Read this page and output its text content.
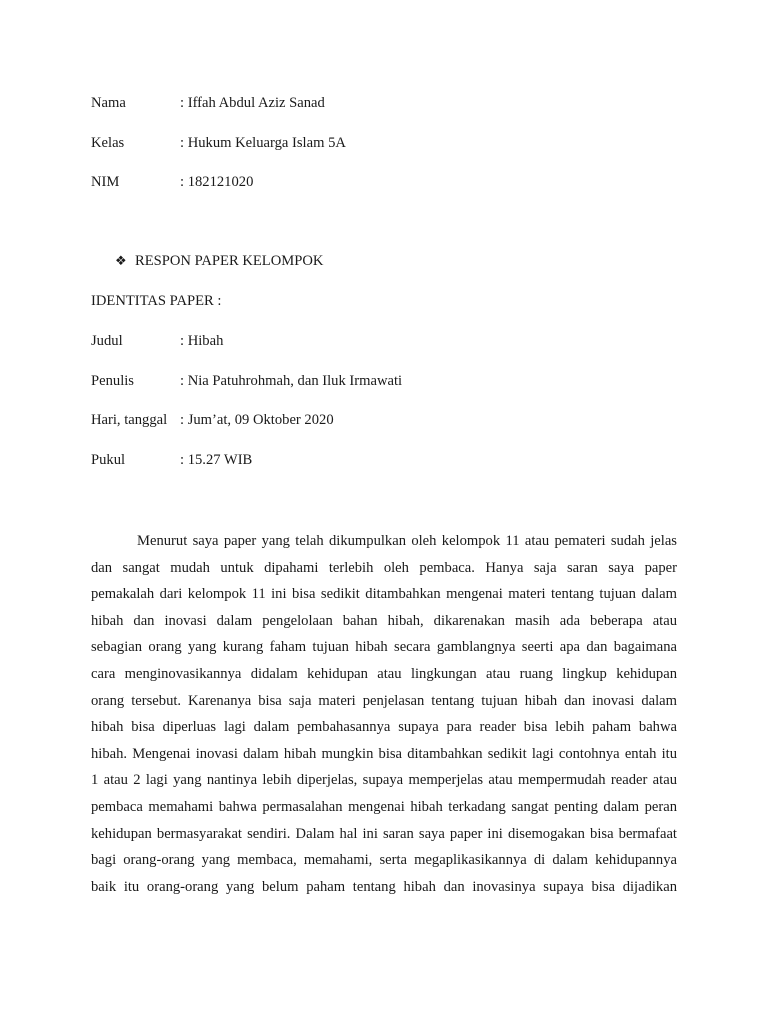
Nama	: Iffah Abdul Aziz Sanad
Kelas	: Hukum Keluarga Islam 5A
NIM	: 182121020
❖ RESPON PAPER KELOMPOK
IDENTITAS PAPER :
Judul	: Hibah
Penulis	: Nia Patuhrohmah, dan Iluk Irmawati
Hari, tanggal : Jum’at, 09 Oktober 2020
Pukul	: 15.27 WIB
Menurut saya paper yang telah dikumpulkan oleh kelompok 11 atau pemateri sudah jelas
dan sangat mudah untuk dipahami terlebih oleh pembaca. Hanya saja saran saya paper
pemakalah dari kelompok 11 ini bisa sedikit ditambahkan mengenai materi tentang tujuan dalam
hibah dan inovasi dalam pengelolaan bahan hibah, dikarenakan masih ada beberapa atau
sebagian orang yang kurang faham tujuan hibah secara gamblangnya seerti apa dan bagaimana
cara menginovasikannya didalam kehidupan atau lingkungan atau ruang lingkup kehidupan
orang tersebut. Karenanya bisa saja materi penjelasan tentang tujuan hibah dan inovasi dalam
hibah bisa diperluas lagi dalam pembahasannya supaya para reader bisa lebih paham bahwa
hibah. Mengenai inovasi dalam hibah mungkin bisa ditambahkan sedikit lagi contohnya entah itu
1 atau 2 lagi yang nantinya lebih diperjelas, supaya memperjelas atau mempermudah reader atau
pembaca memahami bahwa permasalahan mengenai hibah terkadang sangat penting dalam peran
kehidupan bermasyarakat sendiri. Dalam hal ini saran saya paper ini disemogakan bisa bermafaat
bagi orang-orang yang membaca, memahami, serta megaplikasikannya di dalam kehidupannya
baik itu orang-orang yang belum paham tentang hibah dan inovasinya supaya bisa dijadikan
